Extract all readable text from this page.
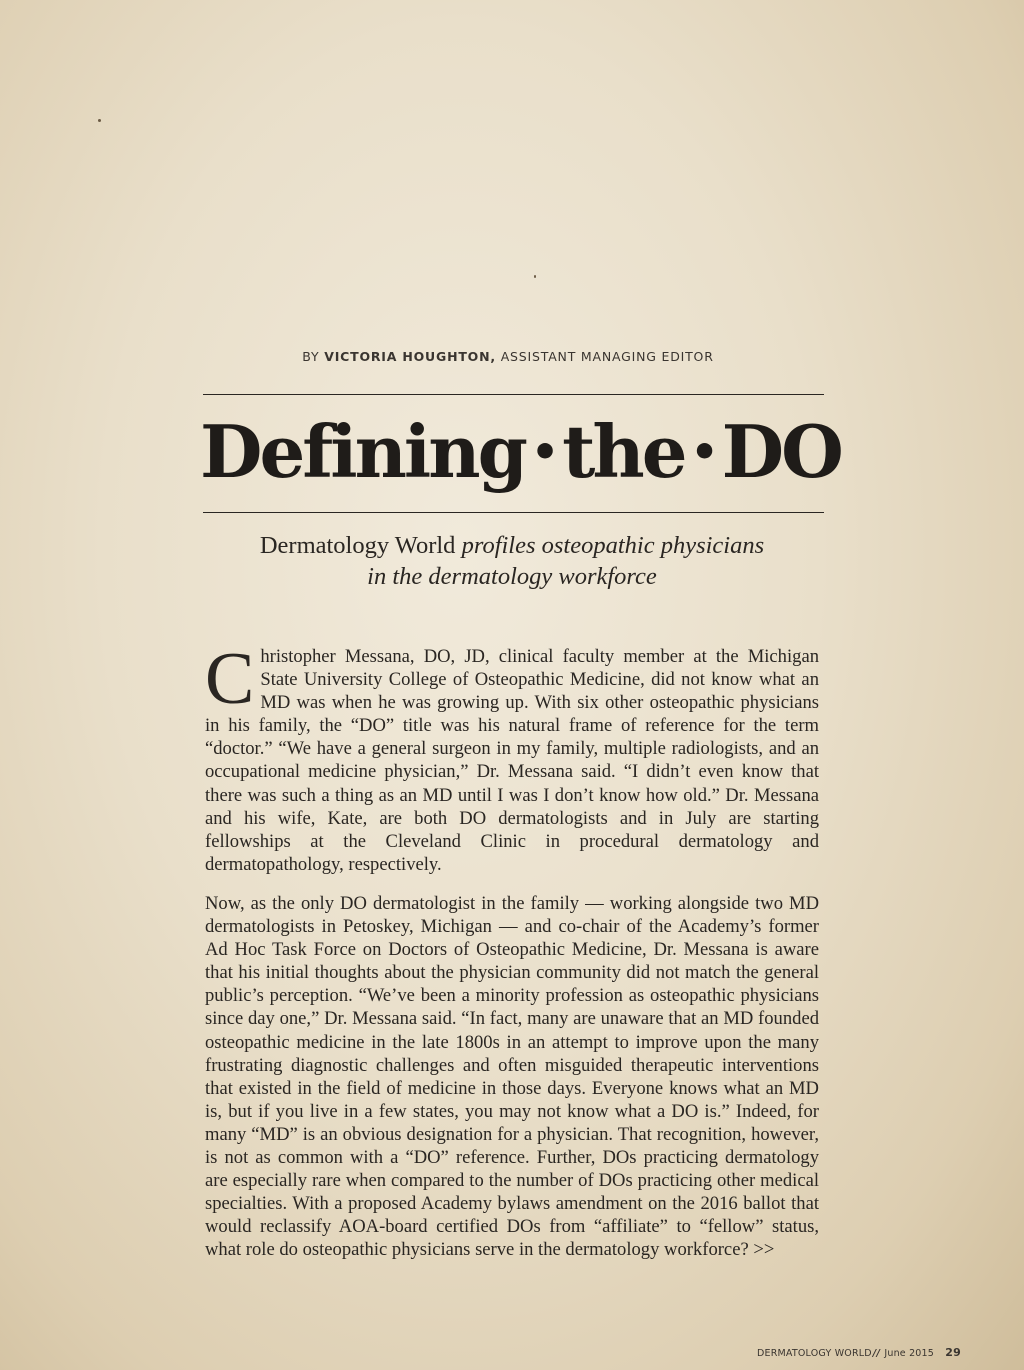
BY VICTORIA HOUGHTON, ASSISTANT MANAGING EDITOR
Defining •the •DO
Dermatology World profiles osteopathic physicians
in the dermatology workforce
Christopher Messana, DO, JD, clinical faculty member at the Michigan State University College of Osteopathic Medicine, did not know what an MD was when he was growing up. With six other osteopathic physicians in his family, the “DO” title was his natural frame of reference for the term “doctor.” “We have a general surgeon in my family, multiple radiologists, and an occupational medicine physician,” Dr. Messana said. “I didn’t even know that there was such a thing as an MD until I was I don’t know how old.” Dr. Messana and his wife, Kate, are both DO dermatologists and in July are starting fellowships at the Cleveland Clinic in procedural dermatology and dermatopathology, respectively.
Now, as the only DO dermatologist in the family — working alongside two MD dermatologists in Petoskey, Michigan — and co-chair of the Academy’s former Ad Hoc Task Force on Doctors of Osteopathic Medicine, Dr. Messana is aware that his initial thoughts about the physician community did not match the general public’s perception. “We’ve been a minority profession as osteopathic physicians since day one,” Dr. Messana said. “In fact, many are unaware that an MD founded osteopathic medicine in the late 1800s in an attempt to improve upon the many frustrating diagnostic challenges and often misguided therapeutic interventions that existed in the field of medicine in those days. Everyone knows what an MD is, but if you live in a few states, you may not know what a DO is.” Indeed, for many “MD” is an obvious designation for a physician. That recognition, however, is not as common with a “DO” reference. Further, DOs practicing dermatology are especially rare when compared to the number of DOs practicing other medical specialties. With a proposed Academy bylaws amendment on the 2016 ballot that would reclassify AOA-board certified DOs from “affiliate” to “fellow” status, what role do osteopathic physicians serve in the dermatology workforce? >>
DERMATOLOGY WORLD// June 2015 29
